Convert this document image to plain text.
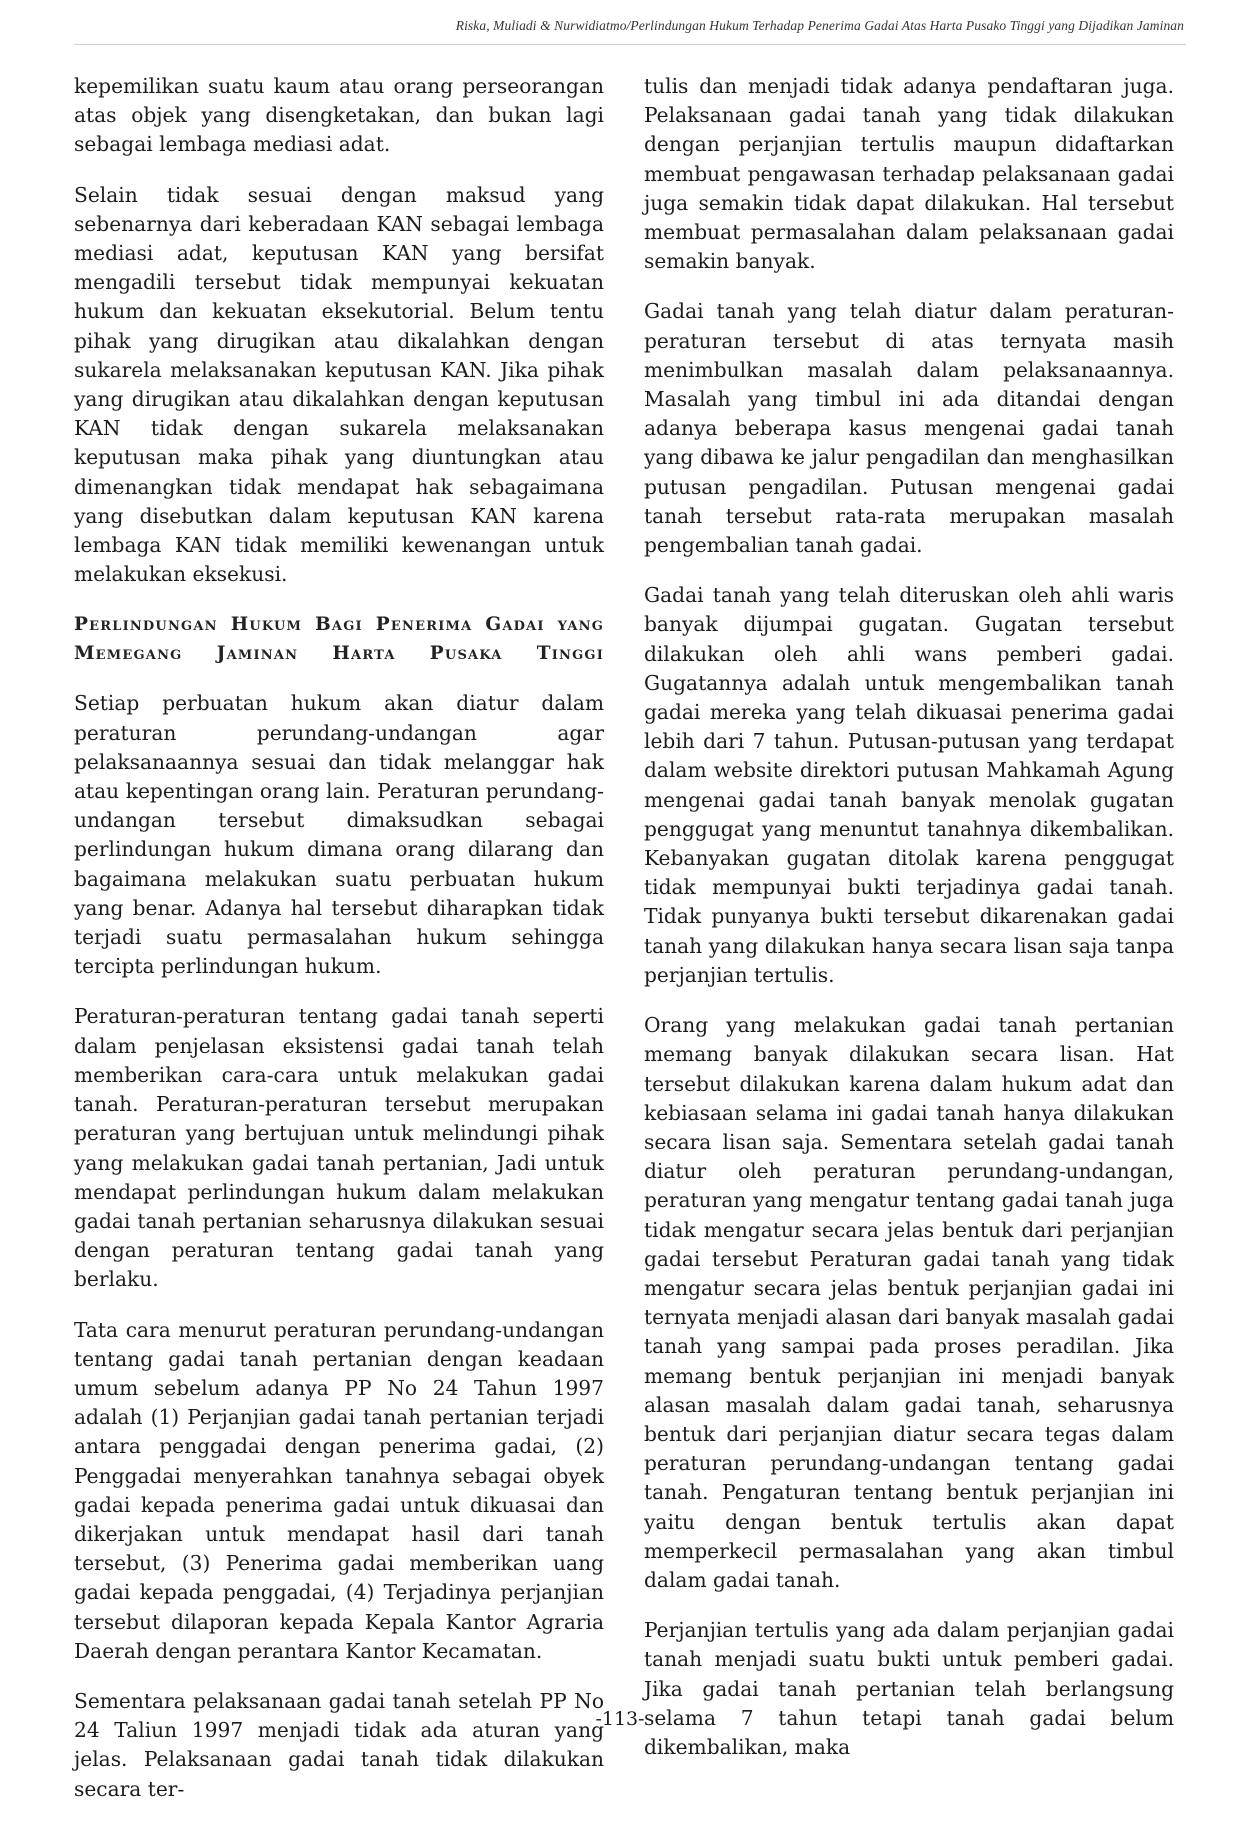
Riska, Muliadi & Nurwidiatmo/Perlindungan Hukum Terhadap Penerima Gadai Atas Harta Pusako Tinggi yang Dijadikan Jaminan

kepemilikan suatu kaum atau orang perseorangan atas objek yang disengketakan, dan bukan lagi sebagai lembaga mediasi adat.

Selain tidak sesuai dengan maksud yang sebenarnya dari keberadaan KAN sebagai lembaga mediasi adat, keputusan KAN yang bersifat mengadili tersebut tidak mempunyai kekuatan hukum dan kekuatan eksekutorial. Belum tentu pihak yang dirugikan atau dikalahkan dengan sukarela melaksanakan keputusan KAN. Jika pihak yang dirugikan atau dikalahkan dengan keputusan KAN tidak dengan sukarela melaksanakan keputusan maka pihak yang diuntungkan atau dimenangkan tidak mendapat hak sebagaimana yang disebutkan dalam keputusan KAN karena lembaga KAN tidak memiliki kewenangan untuk melakukan eksekusi.

Perlindungan Hukum Bagi Penerima Gadai yang Memegang Jaminan Harta Pusaka Tinggi

Setiap perbuatan hukum akan diatur dalam peraturan perundang-undangan agar pelaksanaannya sesuai dan tidak melanggar hak atau kepentingan orang lain. Peraturan perundang-undangan tersebut dimaksudkan sebagai perlindungan hukum dimana orang dilarang dan bagaimana melakukan suatu perbuatan hukum yang benar. Adanya hal tersebut diharapkan tidak terjadi suatu permasalahan hukum sehingga tercipta perlindungan hukum.

Peraturan-peraturan tentang gadai tanah seperti dalam penjelasan eksistensi gadai tanah telah memberikan cara-cara untuk melakukan gadai tanah. Peraturan-peraturan tersebut merupakan peraturan yang bertujuan untuk melindungi pihak yang melakukan gadai tanah pertanian, Jadi untuk mendapat perlindungan hukum dalam melakukan gadai tanah pertanian seharusnya dilakukan sesuai dengan peraturan tentang gadai tanah yang berlaku.

Tata cara menurut peraturan perundang-undangan tentang gadai tanah pertanian dengan keadaan umum sebelum adanya PP No 24 Tahun 1997 adalah (1) Perjanjian gadai tanah pertanian terjadi antara penggadai dengan penerima gadai, (2) Penggadai menyerahkan tanahnya sebagai obyek gadai kepada penerima gadai untuk dikuasai dan dikerjakan untuk mendapat hasil dari tanah tersebut, (3) Penerima gadai memberikan uang gadai kepada penggadai, (4) Terjadinya perjanjian tersebut dilaporan kepada Kepala Kantor Agraria Daerah dengan perantara Kantor Kecamatan.

Sementara pelaksanaan gadai tanah setelah PP No 24 Taliun 1997 menjadi tidak ada aturan yang jelas. Pelaksanaan gadai tanah tidak dilakukan secara ter-

tulis dan menjadi tidak adanya pendaftaran juga. Pelaksanaan gadai tanah yang tidak dilakukan dengan perjanjian tertulis maupun didaftarkan membuat pengawasan terhadap pelaksanaan gadai juga semakin tidak dapat dilakukan. Hal tersebut membuat permasalahan dalam pelaksanaan gadai semakin banyak.

Gadai tanah yang telah diatur dalam peraturan-peraturan tersebut di atas ternyata masih menimbulkan masalah dalam pelaksanaannya. Masalah yang timbul ini ada ditandai dengan adanya beberapa kasus mengenai gadai tanah yang dibawa ke jalur pengadilan dan menghasilkan putusan pengadilan. Putusan mengenai gadai tanah tersebut rata-rata merupakan masalah pengembalian tanah gadai.

Gadai tanah yang telah diteruskan oleh ahli waris banyak dijumpai gugatan. Gugatan tersebut dilakukan oleh ahli wans pemberi gadai. Gugatannya adalah untuk mengembalikan tanah gadai mereka yang telah dikuasai penerima gadai lebih dari 7 tahun. Putusan-putusan yang terdapat dalam website direktori putusan Mahkamah Agung mengenai gadai tanah banyak menolak gugatan penggugat yang menuntut tanahnya dikembalikan. Kebanyakan gugatan ditolak karena penggugat tidak mempunyai bukti terjadinya gadai tanah. Tidak punyanya bukti tersebut dikarenakan gadai tanah yang dilakukan hanya secara lisan saja tanpa perjanjian tertulis.

Orang yang melakukan gadai tanah pertanian memang banyak dilakukan secara lisan. Hat tersebut dilakukan karena dalam hukum adat dan kebiasaan selama ini gadai tanah hanya dilakukan secara lisan saja. Sementara setelah gadai tanah diatur oleh peraturan perundang-undangan, peraturan yang mengatur tentang gadai tanah juga tidak mengatur secara jelas bentuk dari perjanjian gadai tersebut Peraturan gadai tanah yang tidak mengatur secara jelas bentuk perjanjian gadai ini ternyata menjadi alasan dari banyak masalah gadai tanah yang sampai pada proses peradilan. Jika memang bentuk perjanjian ini menjadi banyak alasan masalah dalam gadai tanah, seharusnya bentuk dari perjanjian diatur secara tegas dalam peraturan perundang-undangan tentang gadai tanah. Pengaturan tentang bentuk perjanjian ini yaitu dengan bentuk tertulis akan dapat memperkecil permasalahan yang akan timbul dalam gadai tanah.

Perjanjian tertulis yang ada dalam perjanjian gadai tanah menjadi suatu bukti untuk pemberi gadai. Jika gadai tanah pertanian telah berlangsung selama 7 tahun tetapi tanah gadai belum dikembalikan, maka

-113-
